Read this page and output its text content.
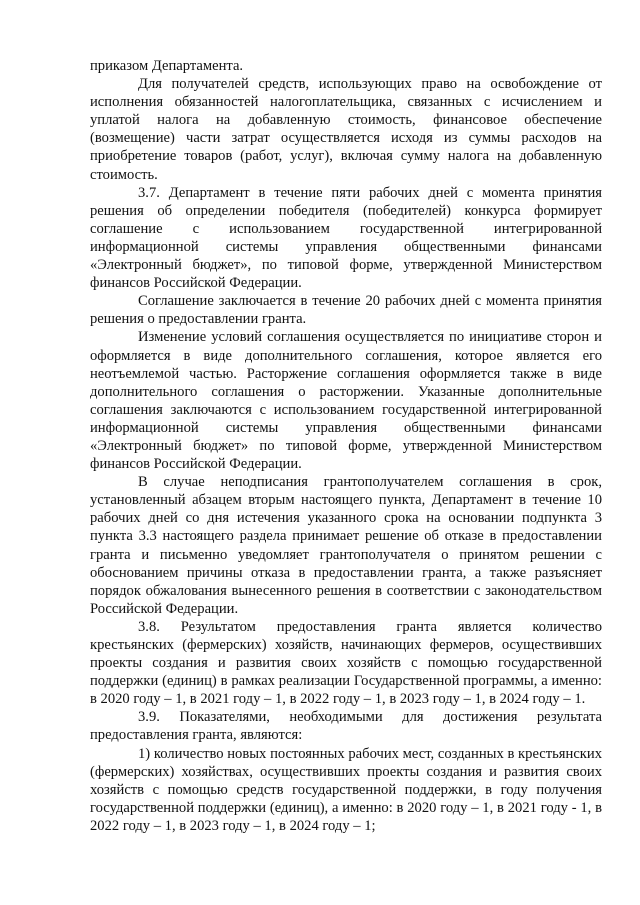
приказом Департамента.

Для получателей средств, использующих право на освобождение от исполнения обязанностей налогоплательщика, связанных с исчислением и уплатой налога на добавленную стоимость, финансовое обеспечение (возмещение) части затрат осуществляется исходя из суммы расходов на приобретение товаров (работ, услуг), включая сумму налога на добавленную стоимость.

3.7. Департамент в течение пяти рабочих дней с момента принятия решения об определении победителя (победителей) конкурса формирует соглашение с использованием государственной интегрированной информационной системы управления общественными финансами «Электронный бюджет», по типовой форме, утвержденной Министерством финансов Российской Федерации.

Соглашение заключается в течение 20 рабочих дней с момента принятия решения о предоставлении гранта.

Изменение условий соглашения осуществляется по инициативе сторон и оформляется в виде дополнительного соглашения, которое является его неотъемлемой частью. Расторжение соглашения оформляется также в виде дополнительного соглашения о расторжении. Указанные дополнительные соглашения заключаются с использованием государственной интегрированной информационной системы управления общественными финансами «Электронный бюджет» по типовой форме, утвержденной Министерством финансов Российской Федерации.

В случае неподписания грантополучателем соглашения в срок, установленный абзацем вторым настоящего пункта, Департамент в течение 10 рабочих дней со дня истечения указанного срока на основании подпункта 3 пункта 3.3 настоящего раздела принимает решение об отказе в предоставлении гранта и письменно уведомляет грантополучателя о принятом решении с обоснованием причины отказа в предоставлении гранта, а также разъясняет порядок обжалования вынесенного решения в соответствии с законодательством Российской Федерации.

3.8. Результатом предоставления гранта является количество крестьянских (фермерских) хозяйств, начинающих фермеров, осуществивших проекты создания и развития своих хозяйств с помощью государственной поддержки (единиц) в рамках реализации Государственной программы, а именно: в 2020 году – 1, в 2021 году – 1, в 2022 году – 1, в 2023 году – 1, в 2024 году – 1.

3.9. Показателями, необходимыми для достижения результата предоставления гранта, являются:

1) количество новых постоянных рабочих мест, созданных в крестьянских (фермерских) хозяйствах, осуществивших проекты создания и развития своих хозяйств с помощью средств государственной поддержки, в году получения государственной поддержки (единиц), а именно: в 2020 году – 1, в 2021 году - 1, в 2022 году – 1, в 2023 году – 1, в 2024 году – 1;
